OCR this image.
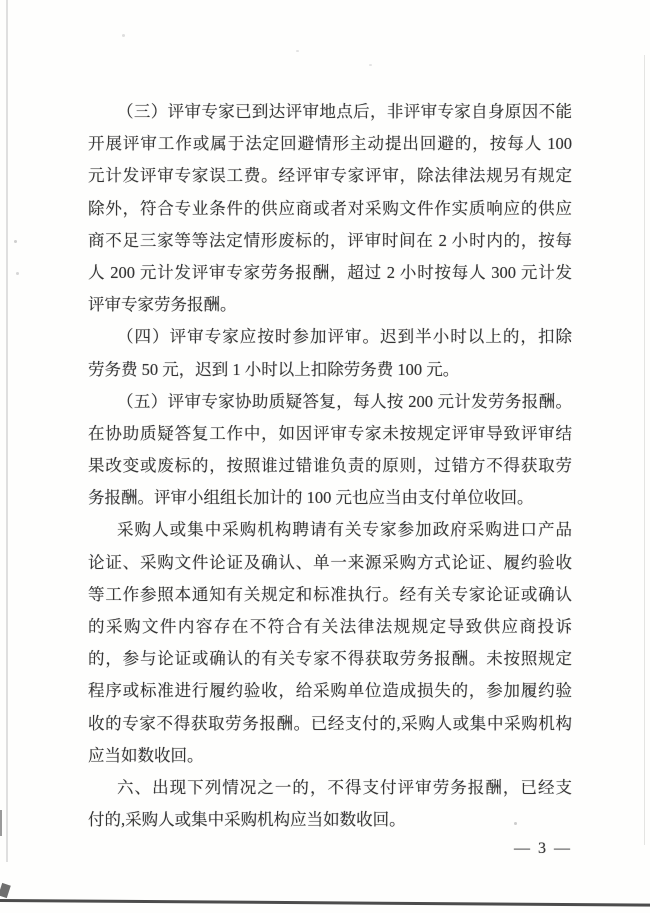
（三）评审专家已到达评审地点后，非评审专家自身原因不能
开展评审工作或属于法定回避情形主动提出回避的，按每人 100
元计发评审专家误工费。经评审专家评审，除法律法规另有规定
除外，符合专业条件的供应商或者对采购文件作实质响应的供应
商不足三家等等法定情形废标的，评审时间在 2 小时内的，按每
人 200 元计发评审专家劳务报酬，超过 2 小时按每人 300 元计发
评审专家劳务报酬。
（四）评审专家应按时参加评审。迟到半小时以上的，扣除
劳务费 50 元，迟到 1 小时以上扣除劳务费 100 元。
（五）评审专家协助质疑答复，每人按 200 元计发劳务报酬。
在协助质疑答复工作中，如因评审专家未按规定评审导致评审结
果改变或废标的，按照谁过错谁负责的原则，过错方不得获取劳
务报酬。评审小组组长加计的 100 元也应当由支付单位收回。
采购人或集中采购机构聘请有关专家参加政府采购进口产品
论证、采购文件论证及确认、单一来源采购方式论证、履约验收
等工作参照本通知有关规定和标准执行。经有关专家论证或确认
的采购文件内容存在不符合有关法律法规规定导致供应商投诉
的，参与论证或确认的有关专家不得获取劳务报酬。未按照规定
程序或标准进行履约验收，给采购单位造成损失的，参加履约验
收的专家不得获取劳务报酬。已经支付的,采购人或集中采购机构
应当如数收回。
六、出现下列情况之一的，不得支付评审劳务报酬，已经支
付的,采购人或集中采购机构应当如数收回。
— 3 —
